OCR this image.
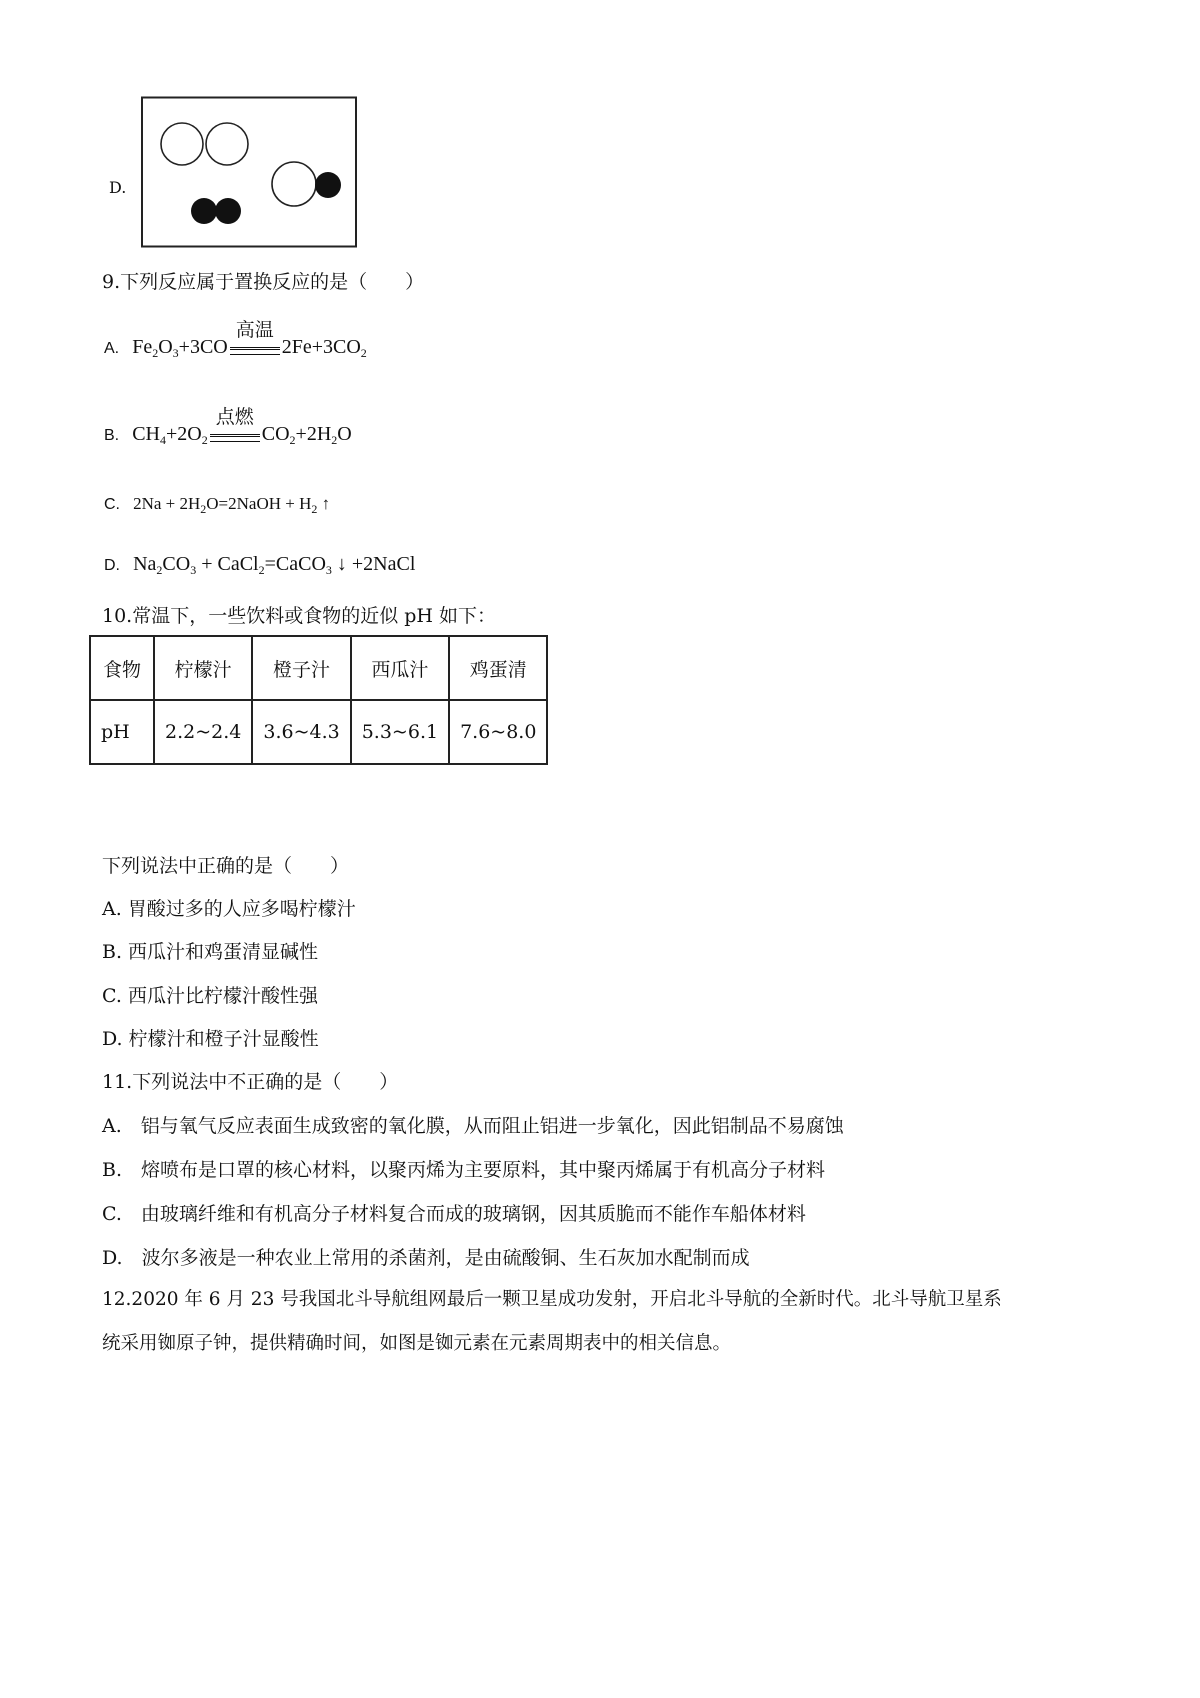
D.
9.下列反应属于置换反应的是（　　）
A. $Fe_2O_3+3CO$
高温
$2Fe+3CO_2$
B. $CH_4+2O_2$
点燃
$CO_2+2H_2O$
C. $2Na + 2H_2O=2NaOH + H_2$ ↑
D. $Na_2CO_3$ + CaCl$_2$=CaCO$_3$ ↓ +2NaCl
10.常温下，一些饮料或食物的近似 pH 如下：
食物	柠檬汁	橙子汁	西瓜汁	鸡蛋清
pH	2.2~2.4	3.6~4.3	5.3~6.1	7.6~8.0
下列说法中正确的是（　　）
A. 胃酸过多的人应多喝柠檬汁
B. 西瓜汁和鸡蛋清显碱性
C. 西瓜汁比柠檬汁酸性强
D. 柠檬汁和橙子汁显酸性
11.下列说法中不正确的是（　　）
A.　铝与氧气反应表面生成致密的氧化膜，从而阻止铝进一步氧化，因此铝制品不易腐蚀
B.　熔喷布是口罩的核心材料，以聚丙烯为主要原料，其中聚丙烯属于有机高分子材料
C.　由玻璃纤维和有机高分子材料复合而成的玻璃钢，因其质脆而不能作车船体材料
D.　波尔多液是一种农业上常用的杀菌剂，是由硫酸铜、生石灰加水配制而成
12.2020 年 6 月 23 号我国北斗导航组网最后一颗卫星成功发射，开启北斗导航的全新时代。北斗导航卫星系
统采用铷原子钟，提供精确时间，如图是铷元素在元素周期表中的相关信息。
